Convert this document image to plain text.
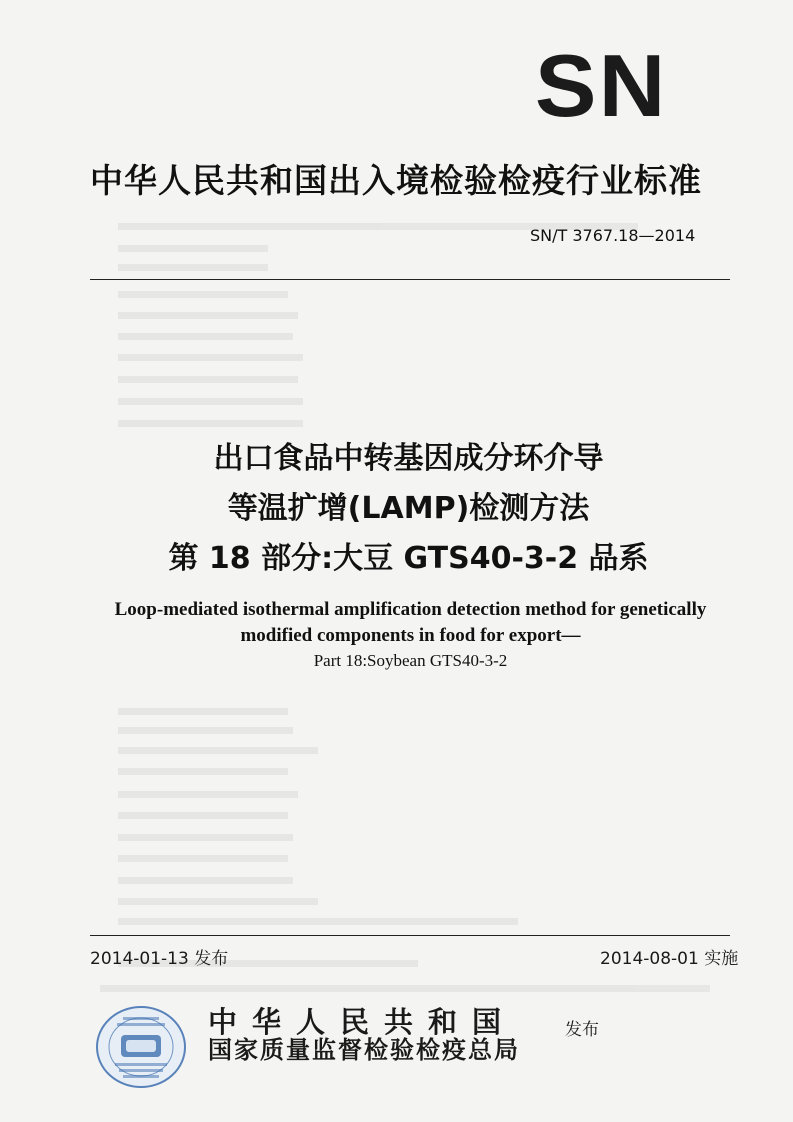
SN
中华人民共和国出入境检验检疫行业标准
SN/T 3767.18—2014
出口食品中转基因成分环介导
等温扩增(LAMP)检测方法
第 18 部分:大豆 GTS40-3-2 品系
Loop-mediated isothermal amplification detection method for genetically
modified components in food for export—
Part 18:Soybean GTS40-3-2
2014-01-13 发布	2014-08-01 实施
中华人民共和国
国家质量监督检验检疫总局
发布
